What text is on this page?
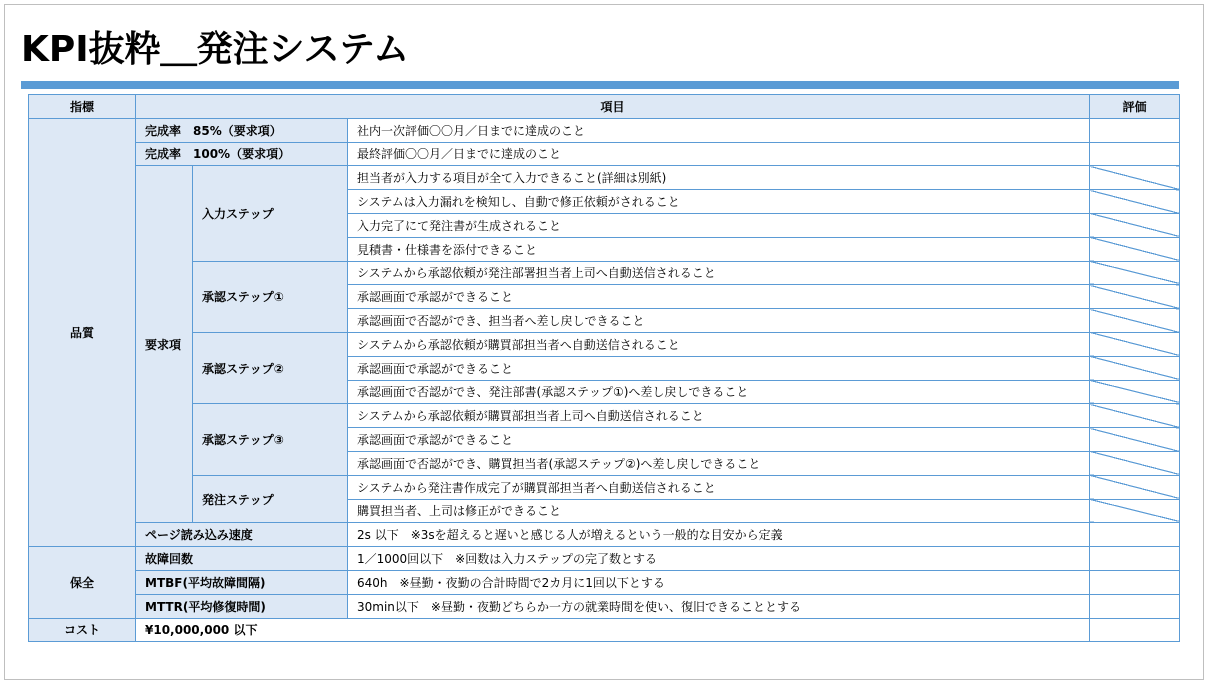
KPI抜粋＿発注システム
指標	項目			評価
品質	完成率　85%（要求項）		社内一次評価〇〇月／日までに達成のこと	
	完成率　100%（要求項）		最終評価〇〇月／日までに達成のこと	
	要求項	入力ステップ	担当者が入力する項目が全て入力できること(詳細は別紙)	
			システムは入力漏れを検知し、自動で修正依頼がされること	
			入力完了にて発注書が生成されること	
			見積書・仕様書を添付できること	
		承認ステップ①	システムから承認依頼が発注部署担当者上司へ自動送信されること	
			承認画面で承認ができること	
			承認画面で否認ができ、担当者へ差し戻しできること	
		承認ステップ②	システムから承認依頼が購買部担当者へ自動送信されること	
			承認画面で承認ができること	
			承認画面で否認ができ、発注部書(承認ステップ①)へ差し戻しできること	
		承認ステップ③	システムから承認依頼が購買部担当者上司へ自動送信されること	
			承認画面で承認ができること	
			承認画面で否認ができ、購買担当者(承認ステップ②)へ差し戻しできること	
		発注ステップ	システムから発注書作成完了が購買部担当者へ自動送信されること	
			購買担当者、上司は修正ができること	
	ページ読み込み速度		2s 以下　※3sを超えると遅いと感じる人が増えるという一般的な目安から定義	
保全	故障回数		1／1000回以下　※回数は入力ステップの完了数とする	
	MTBF(平均故障間隔)		640h　※昼勤・夜勤の合計時間で2カ月に1回以下とする	
	MTTR(平均修復時間)		30min以下　※昼勤・夜勤どちらか一方の就業時間を使い、復旧できることとする	
コスト	¥10,000,000 以下			
